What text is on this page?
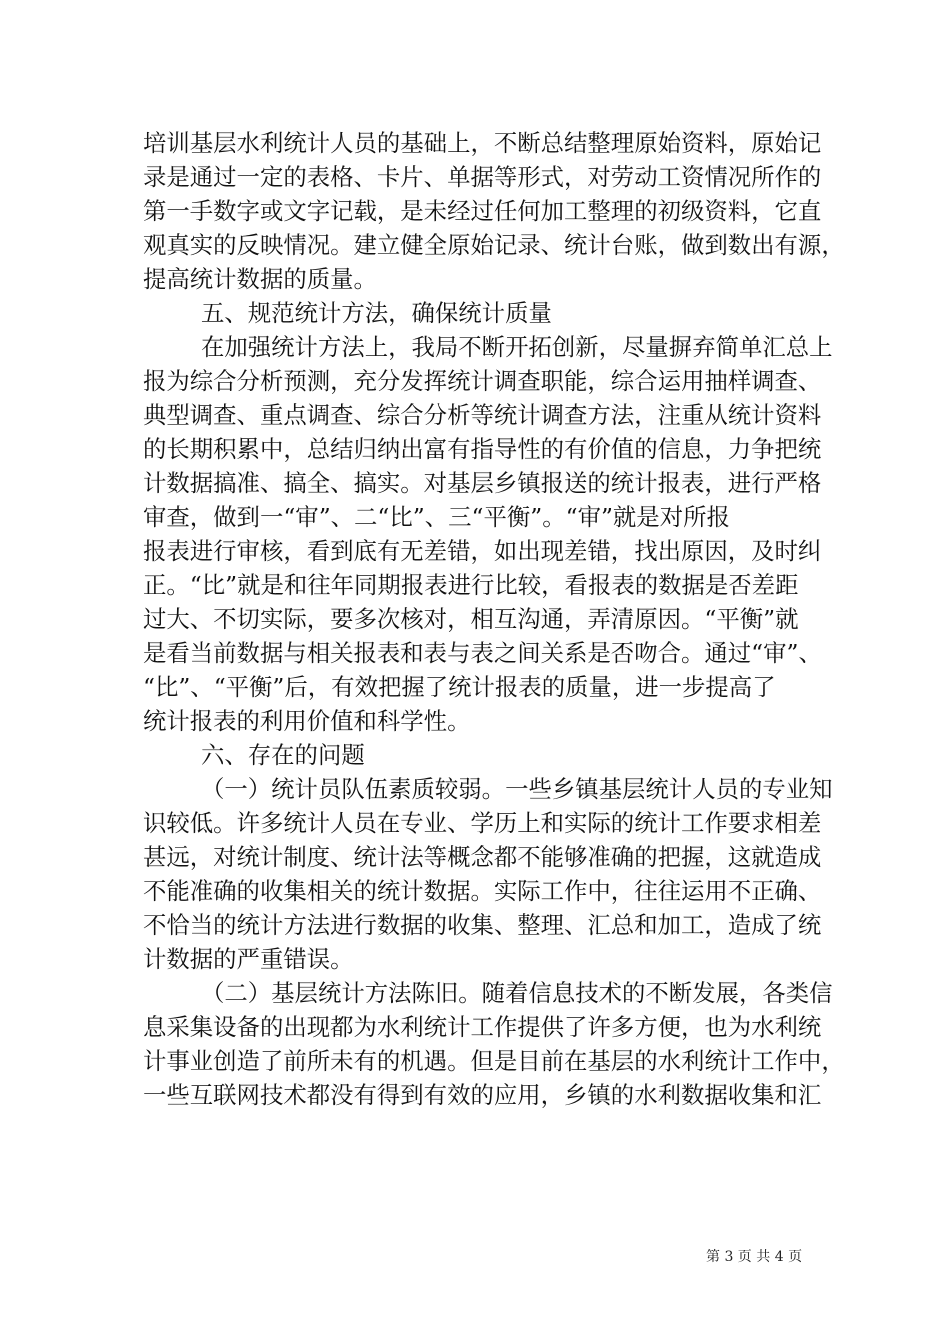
培训基层水利统计人员的基础上，不断总结整理原始资料，原始记
录是通过一定的表格、卡片、单据等形式，对劳动工资情况所作的
第一手数字或文字记载，是未经过任何加工整理的初级资料，它直
观真实的反映情况。建立健全原始记录、统计台账，做到数出有源，
提高统计数据的质量。
五、规范统计方法，确保统计质量
在加强统计方法上，我局不断开拓创新，尽量摒弃简单汇总上
报为综合分析预测，充分发挥统计调查职能，综合运用抽样调查、
典型调查、重点调查、综合分析等统计调查方法，注重从统计资料
的长期积累中，总结归纳出富有指导性的有价值的信息，力争把统
计数据搞准、搞全、搞实。对基层乡镇报送的统计报表，进行严格
审查，做到一“审”、二“比”、三“平衡”。“审”就是对所报
报表进行审核，看到底有无差错，如出现差错，找出原因，及时纠
正。“比”就是和往年同期报表进行比较，看报表的数据是否差距
过大、不切实际，要多次核对，相互沟通，弄清原因。“平衡”就
是看当前数据与相关报表和表与表之间关系是否吻合。通过“审”、
“比”、“平衡”后，有效把握了统计报表的质量，进一步提高了
统计报表的利用价值和科学性。
六、存在的问题
（一）统计员队伍素质较弱。一些乡镇基层统计人员的专业知
识较低。许多统计人员在专业、学历上和实际的统计工作要求相差
甚远，对统计制度、统计法等概念都不能够准确的把握，这就造成
不能准确的收集相关的统计数据。实际工作中，往往运用不正确、
不恰当的统计方法进行数据的收集、整理、汇总和加工，造成了统
计数据的严重错误。
（二）基层统计方法陈旧。随着信息技术的不断发展，各类信
息采集设备的出现都为水利统计工作提供了许多方便，也为水利统
计事业创造了前所未有的机遇。但是目前在基层的水利统计工作中，
一些互联网技术都没有得到有效的应用，乡镇的水利数据收集和汇
第 3 页 共 4 页
